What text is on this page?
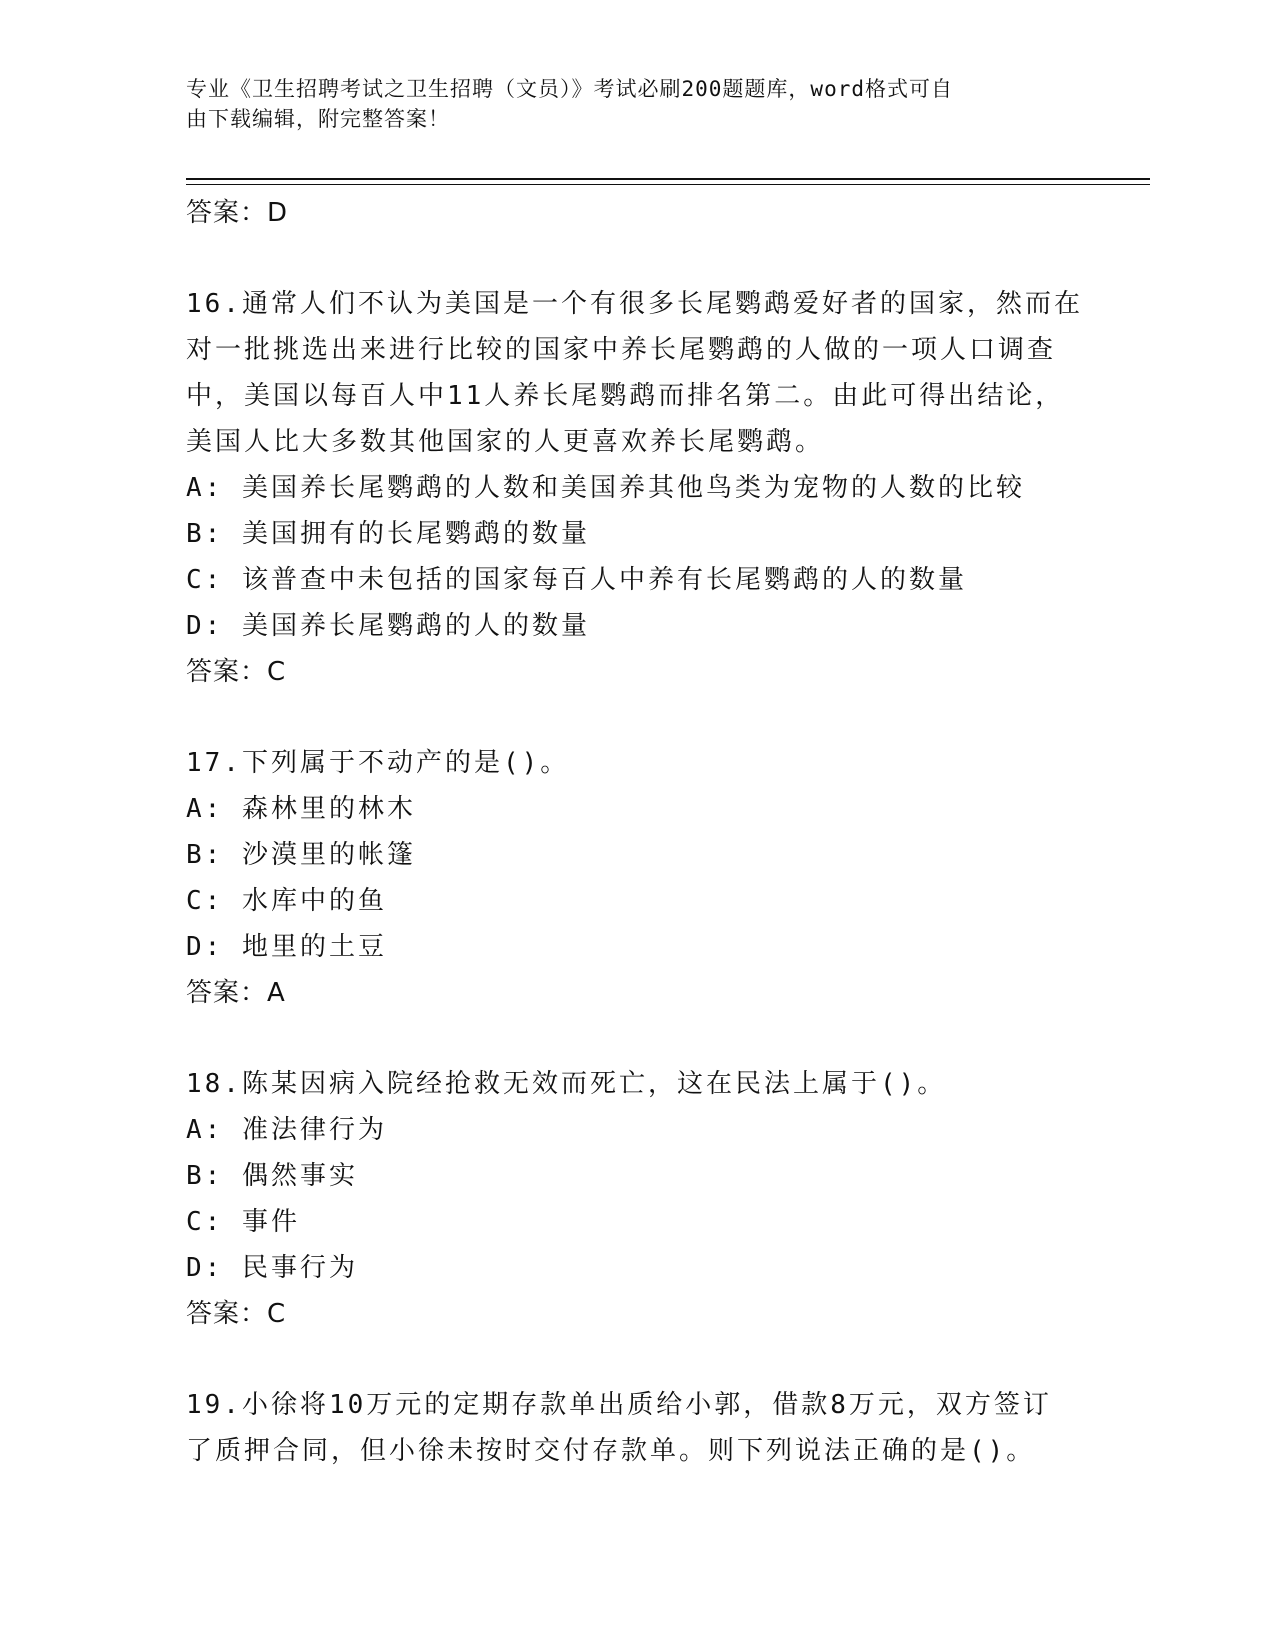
专业《卫生招聘考试之卫生招聘（文员）》考试必刷200题题库，word格式可自
由下载编辑，附完整答案！
答案：D
16.通常人们不认为美国是一个有很多长尾鹦鹉爱好者的国家，然而在
对一批挑选出来进行比较的国家中养长尾鹦鹉的人做的一项人口调查
中，美国以每百人中11人养长尾鹦鹉而排名第二。由此可得出结论，
美国人比大多数其他国家的人更喜欢养长尾鹦鹉。
A: 美国养长尾鹦鹉的人数和美国养其他鸟类为宠物的人数的比较
B: 美国拥有的长尾鹦鹉的数量
C: 该普查中未包括的国家每百人中养有长尾鹦鹉的人的数量
D: 美国养长尾鹦鹉的人的数量
答案：C
17.下列属于不动产的是()。
A: 森林里的林木
B: 沙漠里的帐篷
C: 水库中的鱼
D: 地里的土豆
答案：A
18.陈某因病入院经抢救无效而死亡，这在民法上属于()。
A: 准法律行为
B: 偶然事实
C: 事件
D: 民事行为
答案：C
19.小徐将10万元的定期存款单出质给小郭，借款8万元，双方签订
了质押合同，但小徐未按时交付存款单。则下列说法正确的是()。
